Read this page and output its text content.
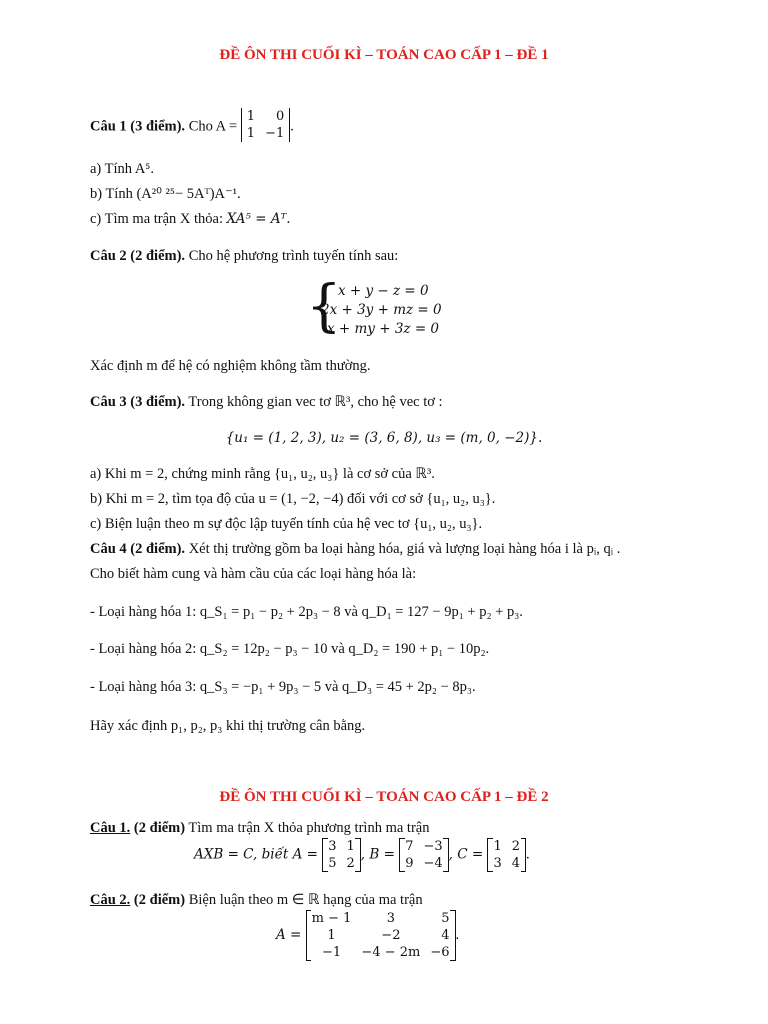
ĐỀ ÔN THI CUỐI KÌ – TOÁN CAO CẤP 1 – ĐỀ 1
Câu 1 (3 điểm). Cho A =
1	0
1	−1 .
a) Tính A⁵.
b) Tính (A²⁰ ²⁵− 5Aᵀ)A⁻¹.
c) Tìm ma trận X thỏa: XA⁵ = Aᵀ.
Câu 2 (2 điểm). Cho hệ phương trình tuyến tính sau:
{
x + y − z = 0
2x + 3y + mz = 0
x + my + 3z = 0
Xác định m để hệ có nghiệm không tầm thường.
Câu 3 (3 điểm). Trong không gian vec tơ ℝ³, cho hệ vec tơ :
{u₁ = (1, 2, 3), u₂ = (3, 6, 8), u₃ = (m, 0, −2)}.
a) Khi m = 2, chứng minh rằng {u₁, u₂, u₃} là cơ sở của ℝ³.
b) Khi m = 2, tìm tọa độ của u = (1, −2, −4) đối với cơ sở {u₁, u₂, u₃}.
c) Biện luận theo m sự độc lập tuyến tính của hệ vec tơ {u₁, u₂, u₃}.
Câu 4 (2 điểm). Xét thị trường gồm ba loại hàng hóa, giá và lượng loại hàng hóa i là pᵢ, qᵢ .
Cho biết hàm cung và hàm cầu của các loại hàng hóa là:
- Loại hàng hóa 1: q_S₁ = p₁ − p₂ + 2p₃ − 8 và q_D₁ = 127 − 9p₁ + p₂ + p₃.
- Loại hàng hóa 2: q_S₂ = 12p₂ − p₃ − 10 và q_D₂ = 190 + p₁ − 10p₂.
- Loại hàng hóa 3: q_S₃ = −p₁ + 9p₃ − 5 và q_D₃ = 45 + 2p₂ − 8p₃.
Hãy xác định p₁, p₂, p₃ khi thị trường cân bằng.
ĐỀ ÔN THI CUỐI KÌ – TOÁN CAO CẤP 1 – ĐỀ 2
Câu 1. (2 điểm) Tìm ma trận X thỏa phương trình ma trận
AXB = C, biết A = 3	1
5	2

, B = 7	−3
9	−4

, C = 1	2
3	4

.
Câu 2. (2 điểm) Biện luận theo m ∈ ℝ hạng của ma trận
A =
m − 1	3	5
1	−2	4
−1	−4 − 2m	−6

.
